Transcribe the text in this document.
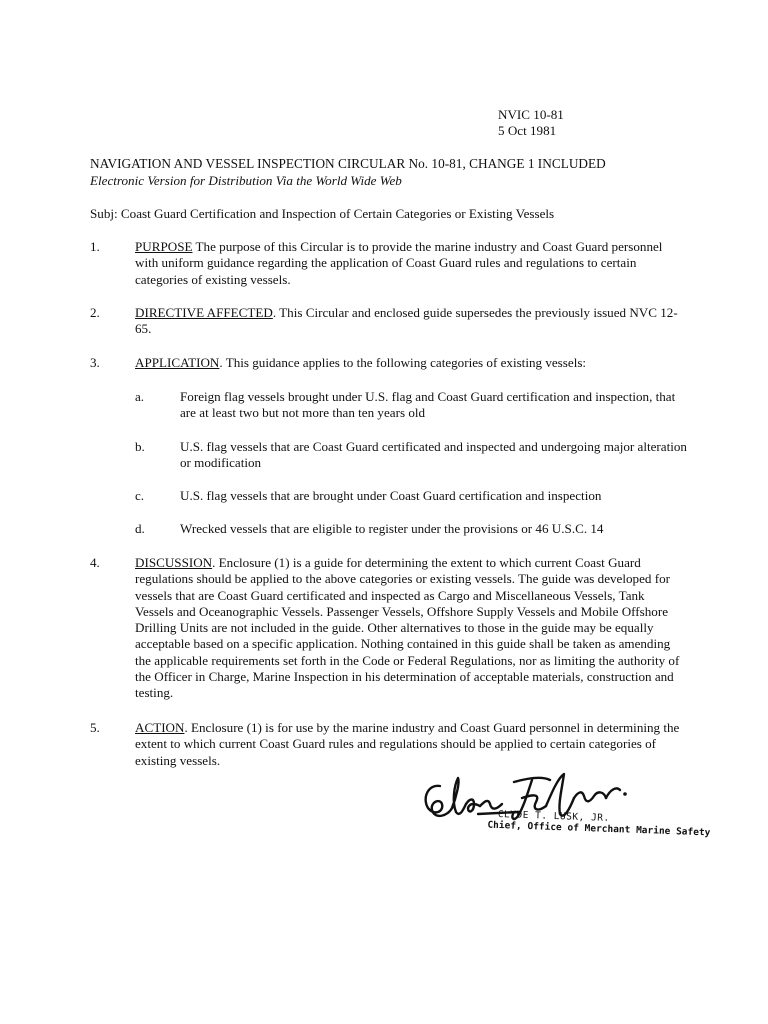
NVIC 10-81
5 Oct 1981
NAVIGATION AND VESSEL INSPECTION CIRCULAR No. 10-81, CHANGE 1 INCLUDED
Electronic Version for Distribution Via the World Wide Web
Subj: Coast Guard Certification and Inspection of Certain Categories or Existing Vessels
1.	PURPOSE The purpose of this Circular is to provide the marine industry and Coast Guard personnel with uniform guidance regarding the application of Coast Guard rules and regulations to certain categories of existing vessels.
2.	DIRECTIVE AFFECTED. This Circular and enclosed guide supersedes the previously issued NVC 12-65.
3.	APPLICATION. This guidance applies to the following categories of existing vessels:
a.	Foreign flag vessels brought under U.S. flag and Coast Guard certification and inspection, that are at least two but not more than ten years old
b.	U.S. flag vessels that are Coast Guard certificated and inspected and undergoing major alteration or modification
c.	U.S. flag vessels that are brought under Coast Guard certification and inspection
d.	Wrecked vessels that are eligible to register under the provisions or 46 U.S.C. 14
4.	DISCUSSION. Enclosure (1) is a guide for determining the extent to which current Coast Guard regulations should be applied to the above categories or existing vessels. The guide was developed for vessels that are Coast Guard certificated and inspected as Cargo and Miscellaneous Vessels, Tank Vessels and Oceanographic Vessels. Passenger Vessels, Offshore Supply Vessels and Mobile Offshore Drilling Units are not included in the guide. Other alternatives to those in the guide may be equally acceptable based on a specific application. Nothing contained in this guide shall be taken as amending the applicable requirements set forth in the Code or Federal Regulations, nor as limiting the authority of the Officer in Charge, Marine Inspection in his determination of acceptable materials, construction and testing.
5.	ACTION. Enclosure (1) is for use by the marine industry and Coast Guard personnel in determining the extent to which current Coast Guard rules and regulations should be applied to certain categories of existing vessels.
CLYDE T. LUSK, JR.
Chief, Office of Merchant Marine Safety
